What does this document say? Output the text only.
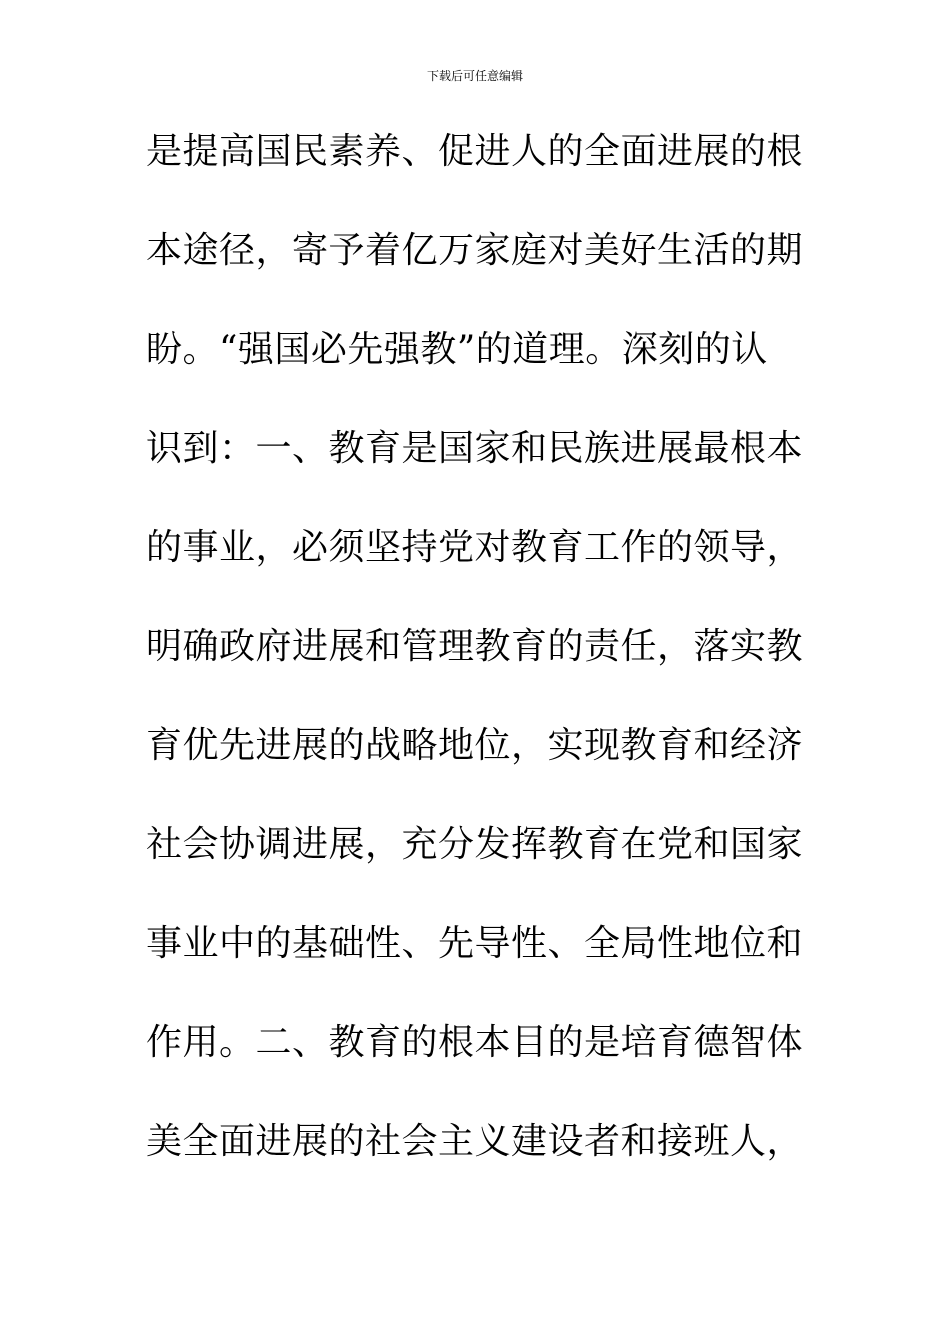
下载后可任意编辑
是提高国民素养、促进人的全面进展的根
本途径，寄予着亿万家庭对美好生活的期
盼。“强国必先强教”的道理。深刻的认
识到：一、教育是国家和民族进展最根本
的事业，必须坚持党对教育工作的领导，
明确政府进展和管理教育的责任，落实教
育优先进展的战略地位，实现教育和经济
社会协调进展，充分发挥教育在党和国家
事业中的基础性、先导性、全局性地位和
作用。二、教育的根本目的是培育德智体
美全面进展的社会主义建设者和接班人，
